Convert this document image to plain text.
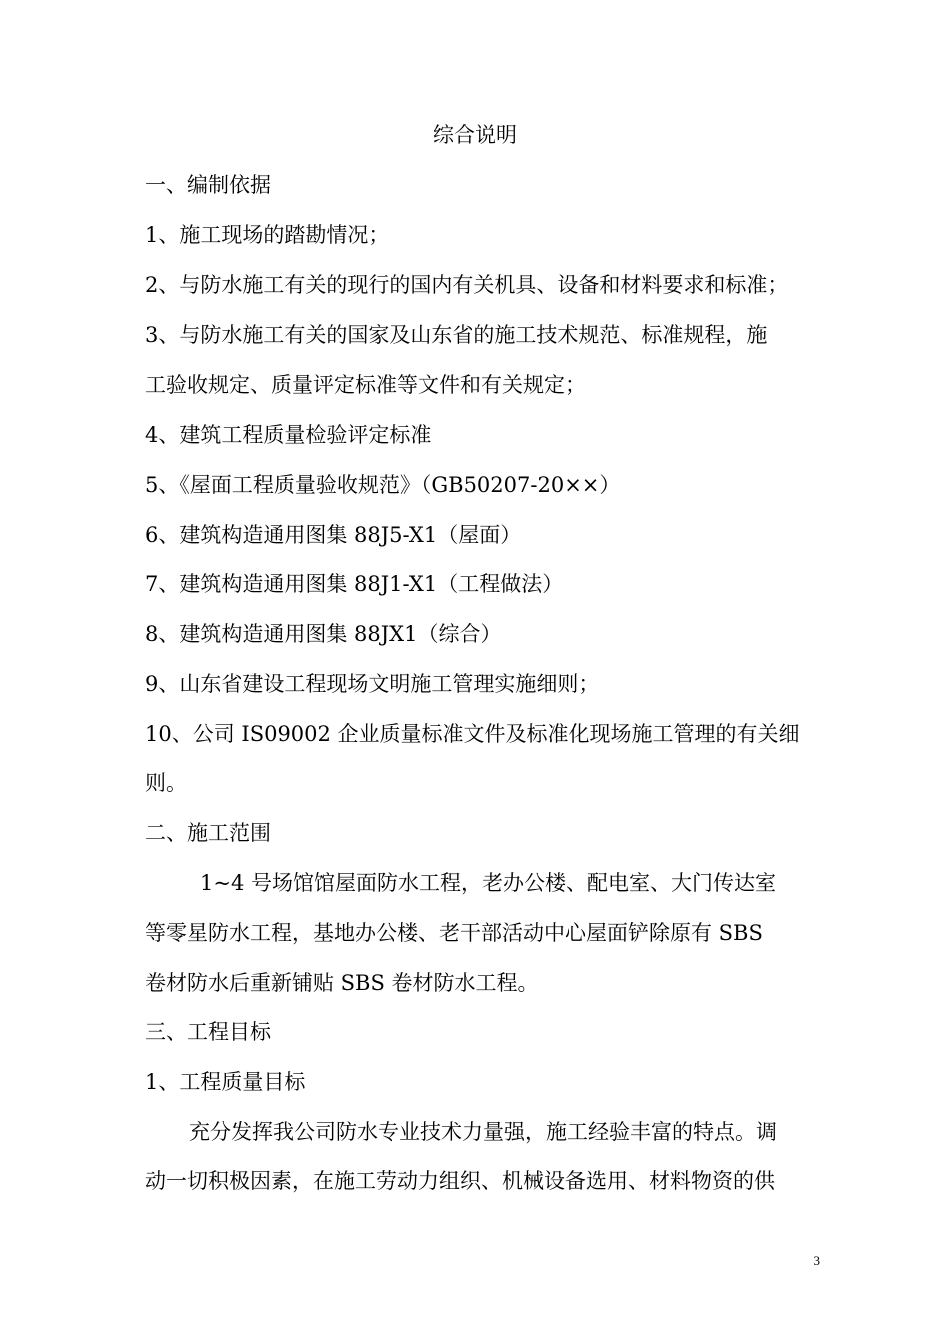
综合说明
一、编制依据
1、施工现场的踏勘情况；
2、与防水施工有关的现行的国内有关机具、设备和材料要求和标准；
3、与防水施工有关的国家及山东省的施工技术规范、标准规程，施
工验收规定、质量评定标准等文件和有关规定；
4、建筑工程质量检验评定标准
5、《屋面工程质量验收规范》（GB50207-20××）
6、建筑构造通用图集 88J5-X1（屋面）
7、建筑构造通用图集 88J1-X1（工程做法）
8、建筑构造通用图集 88JX1（综合）
9、山东省建设工程现场文明施工管理实施细则；
10、公司 IS09002 企业质量标准文件及标准化现场施工管理的有关细
则。
二、施工范围
1~4 号场馆馆屋面防水工程，老办公楼、配电室、大门传达室
等零星防水工程，基地办公楼、老干部活动中心屋面铲除原有 SBS
卷材防水后重新铺贴 SBS 卷材防水工程。
三、工程目标
1、工程质量目标
充分发挥我公司防水专业技术力量强，施工经验丰富的特点。调
动一切积极因素，在施工劳动力组织、机械设备选用、材料物资的供
3
